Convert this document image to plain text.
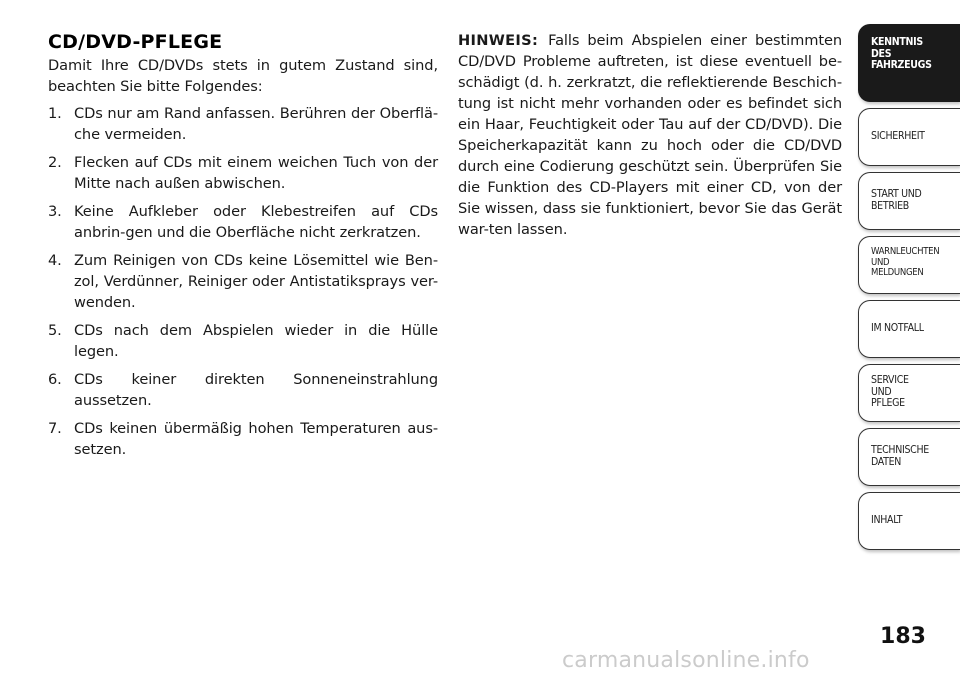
CD/DVD-PFLEGE

Damit Ihre CD/DVDs stets in gutem Zustand sind, beachten Sie bitte Folgendes:

1. CDs nur am Rand anfassen. Berühren der Oberflä-che vermeiden.
2. Flecken auf CDs mit einem weichen Tuch von der Mitte nach außen abwischen.
3. Keine Aufkleber oder Klebestreifen auf CDs anbrin-gen und die Oberfläche nicht zerkratzen.
4. Zum Reinigen von CDs keine Lösemittel wie Ben-zol, Verdünner, Reiniger oder Antistatiksprays ver-wenden.
5. CDs nach dem Abspielen wieder in die Hülle legen.
6. CDs keiner direkten Sonneneinstrahlung aussetzen.
7. CDs keinen übermäßig hohen Temperaturen aus-setzen.

HINWEIS: Falls beim Abspielen einer bestimmten CD/DVD Probleme auftreten, ist diese eventuell be-schädigt (d. h. zerkratzt, die reflektierende Beschich-tung ist nicht mehr vorhanden oder es befindet sich ein Haar, Feuchtigkeit oder Tau auf der CD/DVD). Die Speicherkapazität kann zu hoch oder die CD/DVD durch eine Codierung geschützt sein. Überprüfen Sie die Funktion des CD-Players mit einer CD, von der Sie wissen, dass sie funktioniert, bevor Sie das Gerät war-ten lassen.

KENNTNIS
DES
FAHRZEUGS
SICHERHEIT
START UND
BETRIEB
WARNLEUCHTEN
UND
MELDUNGEN
IM NOTFALL
SERVICE
UND
PFLEGE
TECHNISCHE
DATEN
INHALT
183
carmanualsonline.info
